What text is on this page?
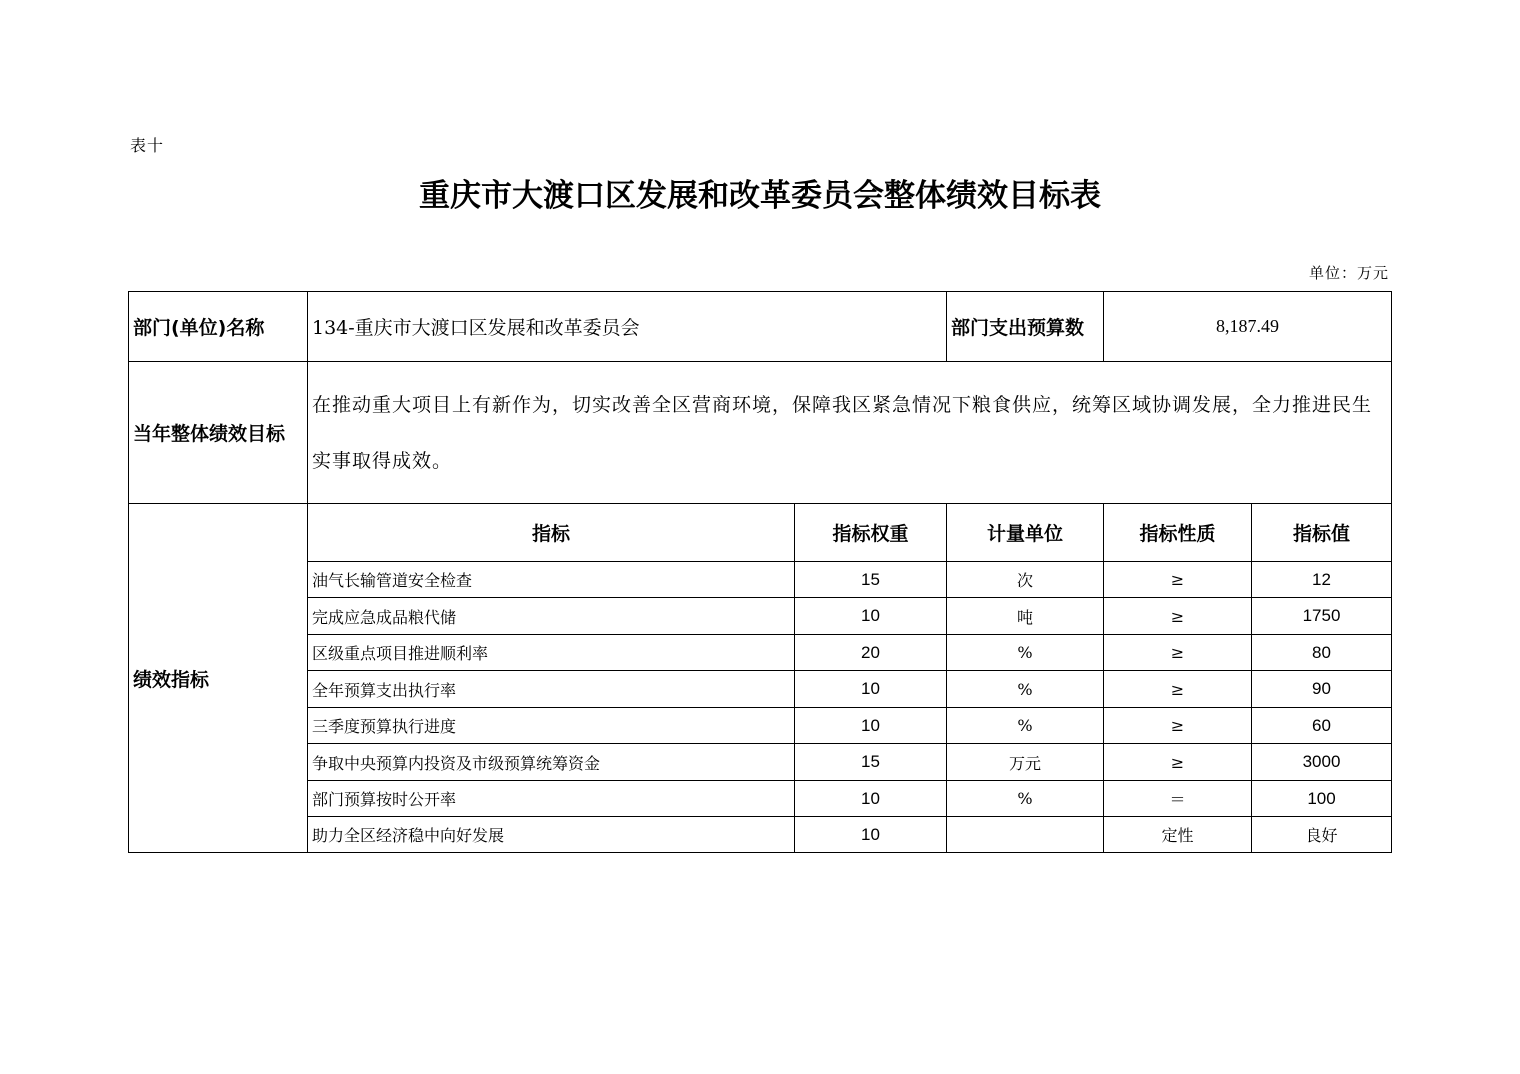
表十
重庆市大渡口区发展和改革委员会整体绩效目标表
单位：万元
部门(单位)名称	134-重庆市大渡口区发展和改革委员会		部门支出预算数	8,187.49	
当年整体绩效目标	在推动重大项目上有新作为，切实改善全区营商环境，保障我区紧急情况下粮食供应，统筹区域协调发展，全力推进民生实事取得成效。				
绩效指标	指标	指标权重	计量单位	指标性质	指标值
	油气长输管道安全检查	15	次	≥	12
	完成应急成品粮代储	10	吨	≥	1750
	区级重点项目推进顺利率	20	%	≥	80
	全年预算支出执行率	10	%	≥	90
	三季度预算执行进度	10	%	≥	60
	争取中央预算内投资及市级预算统筹资金	15	万元	≥	3000
	部门预算按时公开率	10	%	＝	100
	助力全区经济稳中向好发展	10		定性	良好
